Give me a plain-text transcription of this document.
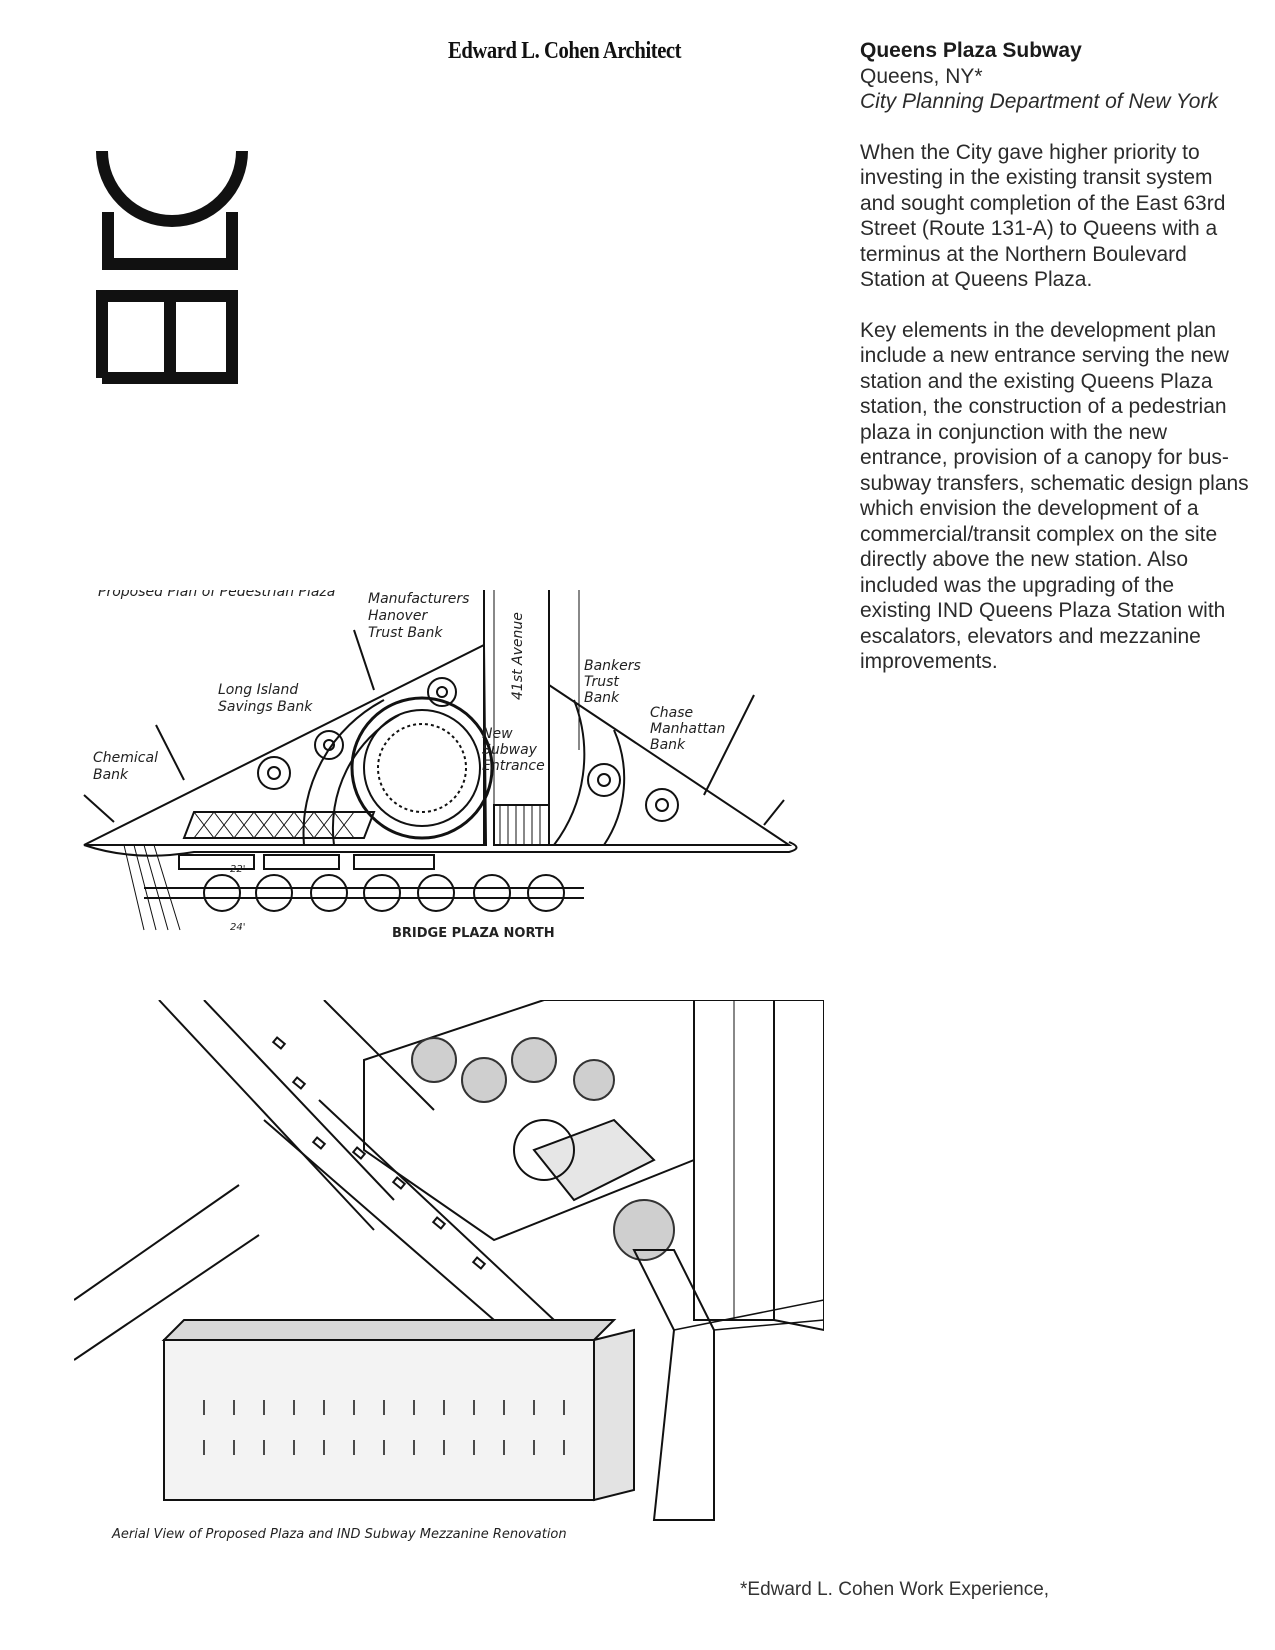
Edward L. Cohen Architect	Queens Plaza Subway
Queens, NY*
City Planning Department of New York

When the City gave higher priority to investing in the existing transit system and sought completion of the East 63rd Street (Route 131-A) to Queens with a terminus at the Northern Boulevard Station at Queens Plaza.

Key elements in the development plan include a new entrance serving the new station and the existing Queens Plaza station, the construction of a pedestrian plaza in conjunction with the new entrance, provision of a canopy for bus-subway transfers, schematic design plans which envision the development of a commercial/transit complex on the site directly above the new station. Also included was the upgrading of the existing IND Queens Plaza Station with escalators, elevators and mezzanine improvements.

Proposed Plan of Pedestrian Plaza Manufacturers
Hanover
Trust Bank	41st Avenue	Bankers
Trust
Bank
Long Island
Savings Bank	Chase
Manhattan
Bank
Chemical
Bank
New
Subway
Entrance
22'
24'	BRIDGE PLAZA NORTH
Aerial View of Proposed Plaza and IND Subway Mezzanine Renovation
*Edward L. Cohen Work Experience,
